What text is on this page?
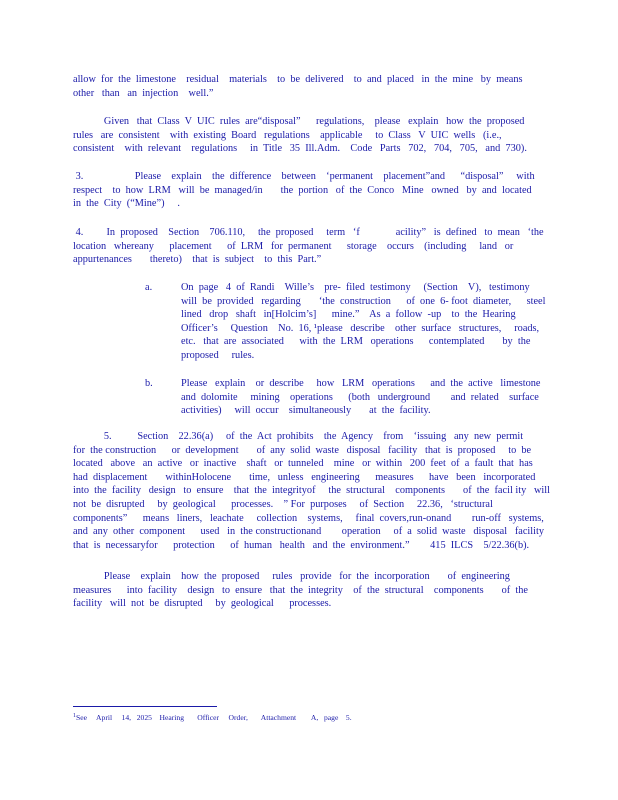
allow  for  the  limestone    residual    materials    to  be  delivered    to  and  placed   in  the  mine   by  means
other   than   an  injection    well.”
Given   that  Class  V  UIC  rules  are“disposal”      regulations,    please   explain   how  the  proposed
rules   are  consistent    with  existing  Board   regulations    applicable     to  Class   V  UIC  wells   (i.e.,
consistent    with  relevant    regulations     in  Title   35  Ill.Adm.    Code   Parts   702,   704,   705,   and  730).
3.                    Please    explain    the  difference    between    ‘permanent    placement”and      “disposal”     with
respect    to  how  LRM   will  be  managed/in       the  portion   of  the  Conco   Mine   owned   by  and  located
in  the  City  (“Mine”)     .
4.         In  proposed    Section    706.110,     the  proposed     term   ‘f              acility”   is  defined   to  mean   ‘the
location   whereany      placement      of  LRM   for  permanent      storage    occurs    (including     land   or
appurtenances       thereto)    that  is  subject    to  this  Part.”
a.	On  page   4  of  Randi    Wille’s    pre-  filed  testimony     (Section    V),   testimony
will  be  provided   regarding       ‘the  construction      of  one  6- foot  diameter,      steel
lined   drop   shaft   in[Holcim’s]      mine.”    As  a  follow  -up    to  the  Hearing
Officer’s     Question    No.  16, ¹please   describe    other  surface   structures,     roads,
etc.   that  are  associated      with  the  LRM   operations      contemplated       by  the
proposed     rules.
b.	Please   explain    or  describe     how   LRM   operations      and  the  active   limestone
and  dolomite     mining    operations      (both   underground        and  related    surface
activities)     will  occur    simultaneously       at  the  facility.
5.          Section    22.36(a)     of  the  Act  prohibits    the  Agency    from    ‘issuing   any  new  permit
for  the construction      or  development       of  any  solid  waste   disposal   facility   that  is  proposed     to  be
located   above   an  active   or  inactive    shaft   or  tunneled    mine   or  within   200  feet  of  a  fault  that  has
had  displacement       withinHolocene       time,   unless   engineering      measures      have   been   incorporated
into  the  facility   design   to  ensure    that  the  integrityof     the  structural    components       of  the  facil ity   will
not  be  disrupted     by  geological      processes.    ” For  purposes     of  Section     22.36,   ‘structural
components”      means   liners,   leachate     collection    systems,     final  covers,run-onand        run-off   systems,
and  any  other  component      used   in  the constructionand        operation     of  a  solid  waste   disposal   facility
that  is  necessaryfor      protection      of  human   health   and  the  environment.”        415  ILCS    5/22.36(b).
Please    explain    how  the  proposed     rules   provide   for  the  incorporation       of  engineering
measures      into  facility    design   to  ensure   that  the  integrity    of  the  structural    components       of  the
facility   will  not  be  disrupted     by  geological      processes.
$^1$See     April     14,   2025    Hearing       Officer     Order,       Attachment        A,   page    5.
